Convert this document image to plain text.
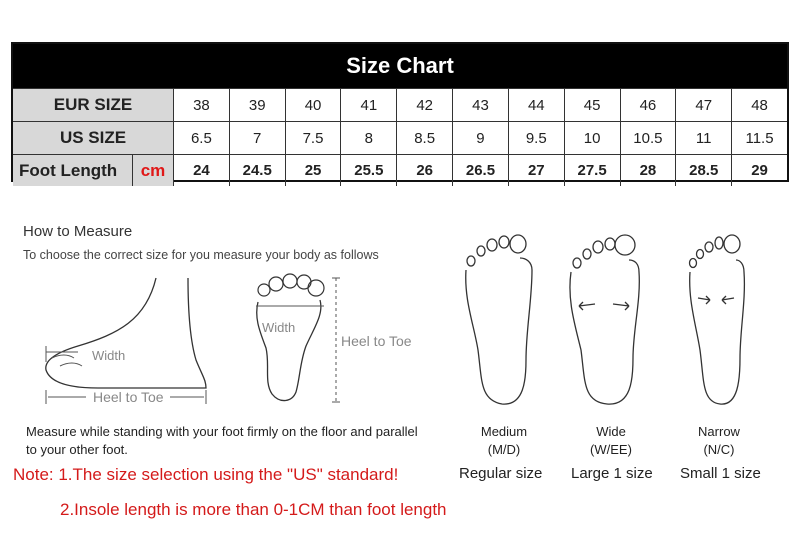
Size Chart
EUR SIZE	38	39	40	41	42	43	44	45	46	47	48
US SIZE	6.5	7	7.5	8	8.5	9	9.5	10	10.5	11	11.5
Foot Length	cm	24	24.5	25	25.5	26	26.5	27	27.5	28	28.5	29
How to Measure
To choose the correct size for you measure your body as follows
Width
Heel to Toe
Width
Heel to Toe
Measure while standing with your foot firmly on the floor and parallel to your other foot.
Medium
(M/D)
Wide
(W/EE)
Narrow
(N/C)
Regular size Large 1 size Small 1 size
Note: 1.The size selection using the "US" standard!
2.Insole length is more than 0-1CM than foot length
